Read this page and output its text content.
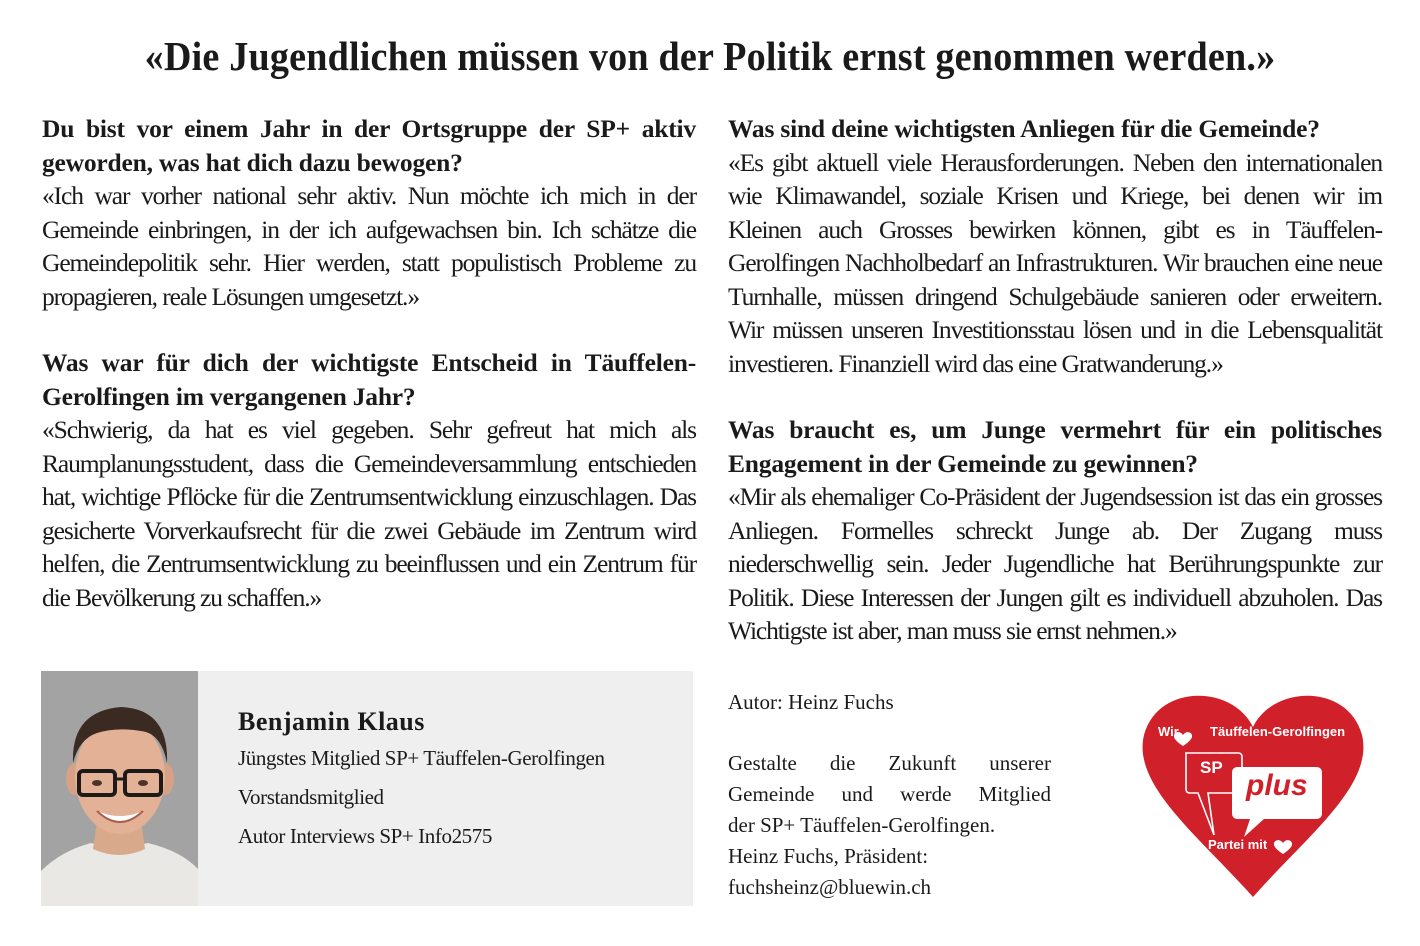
«Die Jugendlichen müssen von der Politik ernst genommen werden.»

Du bist vor einem Jahr in der Ortsgruppe der SP+ aktiv geworden, was hat dich dazu bewogen?

«Ich war vorher national sehr aktiv. Nun möchte ich mich in der Gemeinde einbringen, in der ich aufgewachsen bin. Ich schätze die Gemeindepolitik sehr. Hier werden, statt populistisch Probleme zu propagieren, reale Lösungen umgesetzt.»

Was war für dich der wichtigste Entscheid in Täuffelen-Gerolfingen im vergangenen Jahr?

«Schwierig, da hat es viel gegeben. Sehr gefreut hat mich als Raumplanungsstudent, dass die Gemeindeversammlung entschieden hat, wichtige Pflöcke für die Zentrumsentwicklung einzuschlagen. Das gesicherte Vorverkaufsrecht für die zwei Gebäude im Zentrum wird helfen, die Zentrumsentwicklung zu beeinflussen und ein Zentrum für die Bevölkerung zu schaffen.»

Was sind deine wichtigsten Anliegen für die Gemeinde?

«Es gibt aktuell viele Herausforderungen. Neben den internationalen wie Klimawandel, soziale Krisen und Kriege, bei denen wir im Kleinen auch Grosses bewirken können, gibt es in Täuffelen-Gerolfingen Nachholbedarf an Infrastrukturen. Wir brauchen eine neue Turnhalle, müssen dringend Schulgebäude sanieren oder erweitern. Wir müssen unseren Investitionsstau lösen und in die Lebensqualität investieren. Finanziell wird das eine Gratwanderung.»

Was braucht es, um Junge vermehrt für ein politisches Engagement in der Gemeinde zu gewinnen?

«Mir als ehemaliger Co-Präsident der Jugendsession ist das ein grosses Anliegen. Formelles schreckt Junge ab. Der Zugang muss niederschwellig sein. Jeder Jugendliche hat Berührungspunkte zur Politik. Diese Interessen der Jungen gilt es individuell abzuholen. Das Wichtigste ist aber, man muss sie ernst nehmen.»

Benjamin Klaus
Jüngstes Mitglied SP+ Täuffelen-Gerolfingen
Vorstandsmitglied
Autor Interviews SP+ Info2575
Autor: Heinz Fuchs
Gestalte die Zukunft unserer
Gemeinde und werde Mitglied
der SP+ Täuffelen-Gerolfingen.
Heinz Fuchs, Präsident:
fuchsheinz@bluewin.ch
Wir Täuffelen-Gerolfingen
SP
plus
Partei mit
